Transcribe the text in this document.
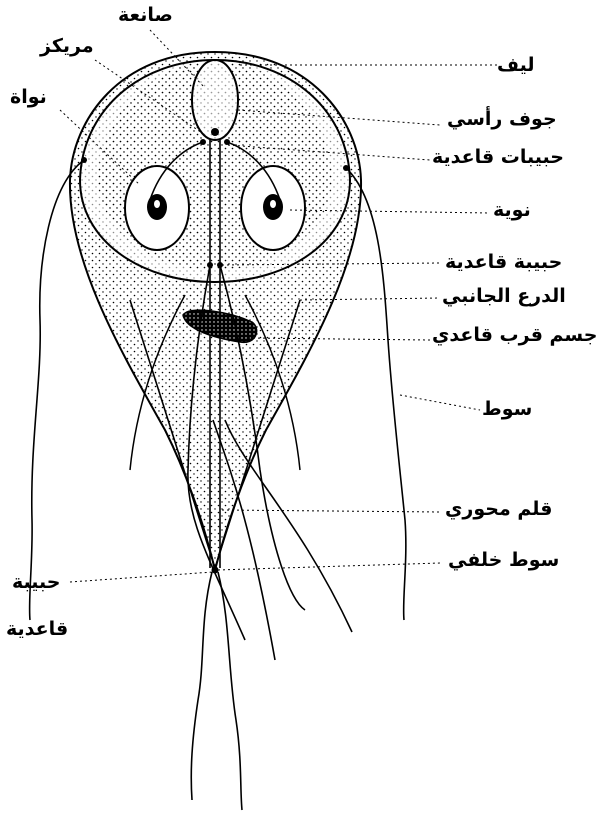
صانعة
مريكز
نواة
ليف
جوف رأسي
حبيبات قاعدية
نوية
حبيبة قاعدية
الدرع الجانبي
جسم قرب قاعدي
سوط
قلم محوري
سوط خلفي
حبيبة
قاعدية
